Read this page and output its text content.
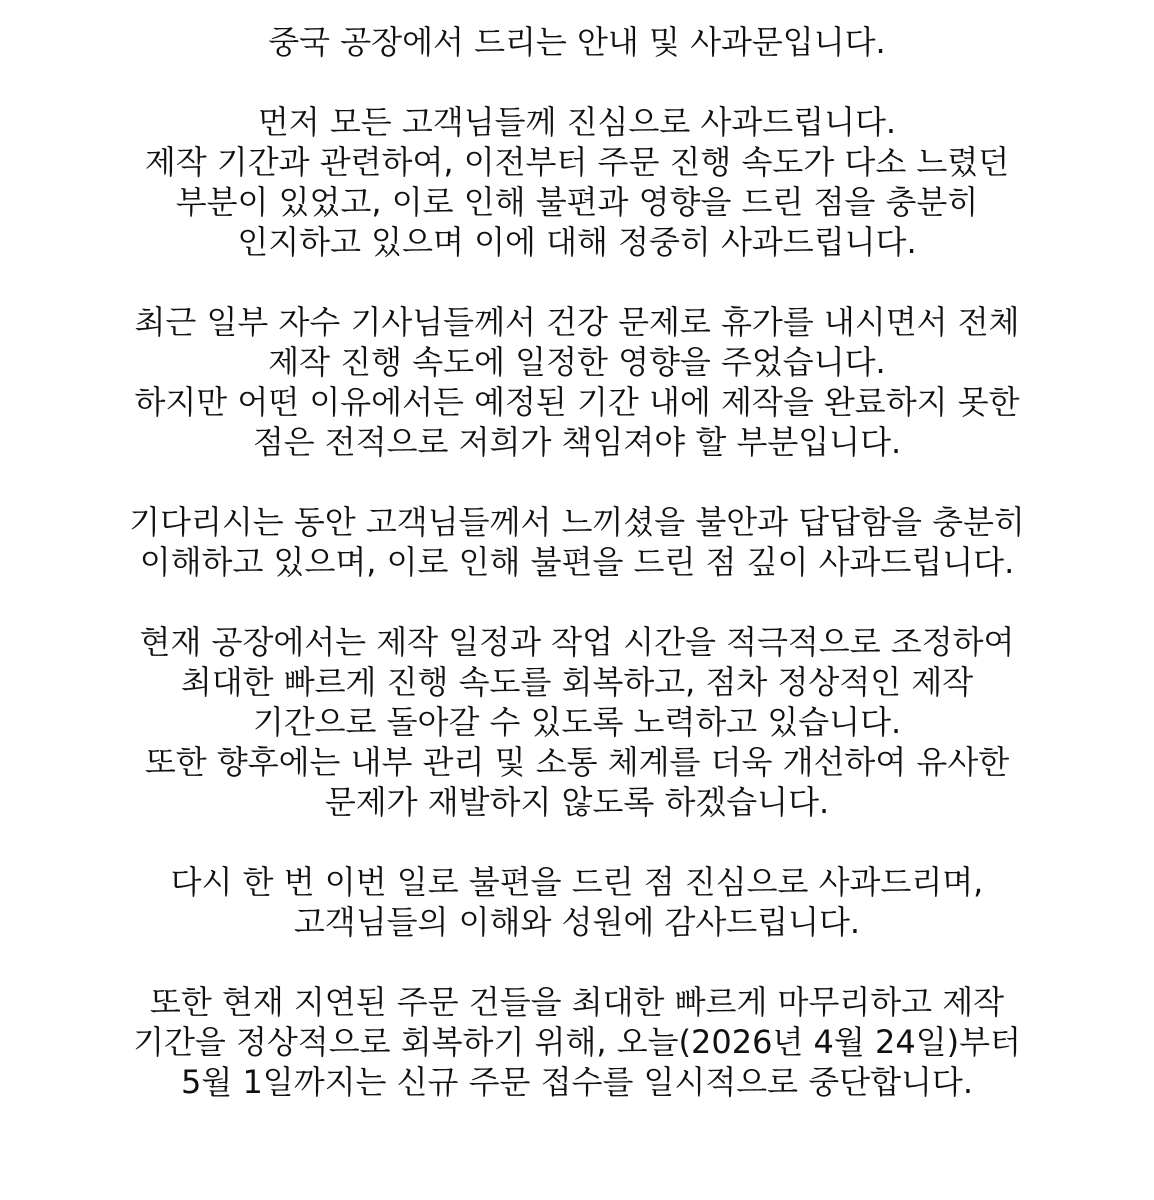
중국 공장에서 드리는 안내 및 사과문입니다.
먼저 모든 고객님들께 진심으로 사과드립니다.
제작 기간과 관련하여, 이전부터 주문 진행 속도가 다소 느렸던
부분이 있었고, 이로 인해 불편과 영향을 드린 점을 충분히
인지하고 있으며 이에 대해 정중히 사과드립니다.
최근 일부 자수 기사님들께서 건강 문제로 휴가를 내시면서 전체
제작 진행 속도에 일정한 영향을 주었습니다.
하지만 어떤 이유에서든 예정된 기간 내에 제작을 완료하지 못한
점은 전적으로 저희가 책임져야 할 부분입니다.
기다리시는 동안 고객님들께서 느끼셨을 불안과 답답함을 충분히
이해하고 있으며, 이로 인해 불편을 드린 점 깊이 사과드립니다.
현재 공장에서는 제작 일정과 작업 시간을 적극적으로 조정하여
최대한 빠르게 진행 속도를 회복하고, 점차 정상적인 제작
기간으로 돌아갈 수 있도록 노력하고 있습니다.
또한 향후에는 내부 관리 및 소통 체계를 더욱 개선하여 유사한
문제가 재발하지 않도록 하겠습니다.
다시 한 번 이번 일로 불편을 드린 점 진심으로 사과드리며,
고객님들의 이해와 성원에 감사드립니다.
또한 현재 지연된 주문 건들을 최대한 빠르게 마무리하고 제작
기간을 정상적으로 회복하기 위해, 오늘(2026년 4월 24일)부터
5월 1일까지는 신규 주문 접수를 일시적으로 중단합니다.
